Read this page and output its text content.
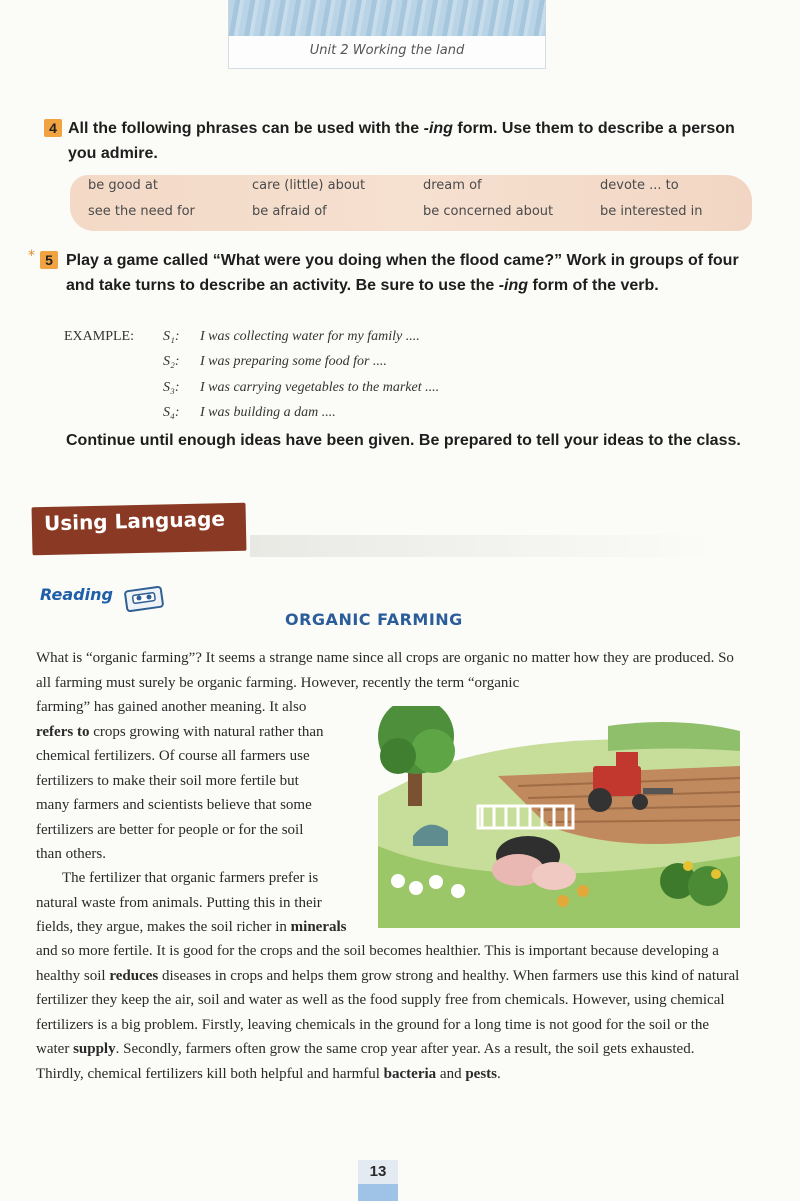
Unit 2 Working the land
4 All the following phrases can be used with the -ing form. Use them to describe a person you admire.
be good at	care (little) about	dream of	devote ... to
see the need for	be afraid of	be concerned about	be interested in
* 5 Play a game called “What were you doing when the flood came?” Work in groups of four and take turns to describe an activity. Be sure to use the -ing form of the verb.
EXAMPLE: S₁: I was collecting water for my family ....
S₂: I was preparing some food for ....
S₃: I was carrying vegetables to the market ....
S₄: I was building a dam ....
Continue until enough ideas have been given. Be prepared to tell your ideas to the class.
Using Language
Reading
ORGANIC FARMING
What is “organic farming”? It seems a strange name since all crops are organic no matter how they are produced. So all farming must surely be organic farming. However, recently the term “organic
farming” has gained another meaning. It also
refers to crops growing with natural rather than
chemical fertilizers. Of course all farmers use
fertilizers to make their soil more fertile but
many farmers and scientists believe that some
fertilizers are better for people or for the soil
than others.
The fertilizer that organic farmers prefer is
natural waste from animals. Putting this in their
fields, they argue, makes the soil richer in minerals
and so more fertile. It is good for the crops and the soil becomes healthier. This is important because developing a healthy soil reduces diseases in crops and helps them grow strong and healthy. When farmers use this kind of natural fertilizer they keep the air, soil and water as well as the food supply free from chemicals. However, using chemical fertilizers is a big problem. Firstly, leaving chemicals in the ground for a long time is not good for the soil or the water supply. Secondly, farmers often grow the same crop year after year. As a result, the soil gets exhausted. Thirdly, chemical fertilizers kill both helpful and harmful bacteria and pests.
13
